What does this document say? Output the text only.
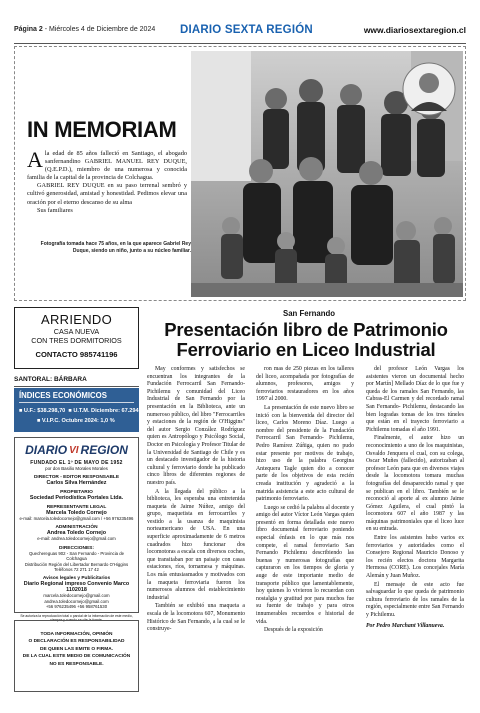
Página 2 - Miércoles 4 de Diciembre de 2024 DIARIO SEXTA REGIÓN	www.diariosextaregion.cl
IN MEMORIAM

Ala edad de 85 años falleció en Santiago, el abogado sanfernandino GABRIEL MANUEL REY DUQUE, (Q.E.P.D.), miembro de una numerosa y conocida familia de la capital de la provincia de Colchagua.

GABRIEL REY DUQUE en su paso terrenal sembró y cultivó generosidad, amistad y honestidad. Pedimos elevar una oración por el eterno descanso de su alma

Sus familiares

Fotografía tomada hace 75 años, en la que aparece Gabriel Rey Duque, siendo un niño, junto a su núcleo familiar.
ARRIENDO
CASA NUEVA
CON TRES DORMITORIOS
CONTACTO 985741196
SANTORAL: BÁRBARA
ÍNDICES ECONÓMICOS
■ U.F.: $38.298,70 ■ U.T.M. Diciembre: 67.294,00
■ V.I.P.C. Octubre 2024: 1,0 %
DIARIO VI REGION
FUNDADO EL 1º DE MAYO DE 1952
por don Basilio Morales Morales
DIRECTOR - EDITOR RESPONSABLE
Carlos Silva Hernández
PROPIETARIO
Sociedad Periodística Portales Ltda.
REPRESENTANTE LEGAL
Marcela Toledo Cornejo
e-mail: marcela.toledocornejo@gmail.com / +56 976235496
ADMINISTRACIÓN
Andrea Toledo Cornejo
e-mail: andrea.toledocornejo@gmail.com
DIRECCIONES:
Quechereguas 902 - San Fernando - Provincia de Colchagua
Distribución Región del Libertador Bernardo O'Higgins
Teléfonos 72 271 17 42
Avisos legales y Publicitarios
Diario Regional impreso Convenio Marco 1102018
marcela.toledocornejo@gmail.com andrea.toledocornejo@gmail.com
+56 976235496 +56 958761530
Se autoriza la reproducción total o parcial de la información de este medio, siempre y cuando se cite la fuente.
TODA INFORMACIÓN, OPINIÓN
O DECLARACIÓN ES RESPONSABILIDAD
DE QUIEN LAS EMITE O FIRMA.
DE LA CUAL ESTE MEDIO DE COMUNICACIÓN
NO ES RESPONSABLE.
San Fernando
Presentación libro de Patrimonio Ferroviario en Liceo Industrial

May conformes y satisfechos se encuentran los integrantes de la Fundación Ferrocarril San Fernando- Pichilemu y comunidad del Liceo Industrial de San Fernando por la presentación en la Biblioteca, ante un numeroso público, del libro "Ferrocarriles y estaciones de la región de O'Higgins" del autor Sergio Conzález Rodríguez quien es Antropólogo y Psicólogo Social, Doctor en Psicología y Profesor Titular de la Universidad de Santiago de Chile y es un destacado investigador de la historia cultural y ferroviario donde ha publicado cinco libros de diferentes regiones de nuestro país.

A la llegada del público a la biblioteca, les esperaba una entretenida maqueta de Jaime Núñez, amigo del grupo, maquetista en ferrocarriles y vestido a la usanza de maquinista norteamericano de USA. En una superficie aproximadamente de 6 metros cuadrados hizo funcionar dos locomotoras a escala con diversos coches, que transitaban por un paisaje con casas estaciones, ríos, tornamesa y máquinas. Los más entusiasmados y motivados con la maqueta ferroviaria fueron los numerosos alumnos del establecimiento industrial

También se exhibió una maqueta a escala de la locomotora 607, Monumento Histórico de San Fernando, a la cual se le construye-

ron mas de 250 piezas en los talleres del liceo, acompañada por fotografías de alumnos, profesores, amigos y ferroviarios restauradores en los años 1997 al 2000.

La presentación de este nuevo libro se inició con la bienvenida del director del liceo, Carlos Moreno Díaz. Luego a nombre del presidente de la Fundación Ferrocarril San Fernando- Pichilemu, Pedro Ramírez Zúñiga, quien no pudo estar presente por motivos de trabajo, hizo uso de la palabra Georgina Antequera Tagle quien dio a conocer parte de los objetivos de esta recién creada institución y agradeció a la matrida asistencia a este acto cultural de patrimonio ferroviario.

Luego se cedió la palabra al docente y amigo del autor Víctor León Vargas quien presentó en forma detallada este nuevo libro documental ferroviario poniendo especial énfasis en lo que más nos compete, el ramal ferroviario San Fernando Pichilemu describiendo las buenas y numerosas fotografías que capturaron en los tiempos de gloria y auge de este importante medio de transporte público que lamentablemente, hoy quienes lo vivieron lo recuerdan con nostalgia y gratitud por para muchos fue su fuente de trabajo y para otros innumerables recuerdos e historial de vida.

Después de la exposición

del profesor León Vargas los asistentes vieron un documental hecho por Martín] Mellado Díaz de lo que fue y queda de los ramales San Fernando, las Cabras-El Carmen y del recordado ramal San Fernando- Pichilemu, destacando las bien logradas tomas de los tres túneles que están en el trayecto ferroviario a Pichilemu tomadas el año 1991.

Finalmente, el autor hizo un reconocimiento a uno de los maquinistas, Osvaldo Jenquera el cual, con su colega, Oscar Muñes (fallecido), autorizaban al profesor León para que en diversos viajes desde la locomotora tomara muchas fotografías del desaparecido ramal y que se publican en el libro. También se le reconoció al aporte al ex alumno Jaime Gómez Aguilera, el cual pintó la locomotora 607 el año 1987 y las máquinas patrimoniales que el liceo luce en su entrada.

Entre los asistentes hubo varios ex ferroviarios y autoridades como el Consejero Regional Mauricio Donoso y los recién electos doctora Margarita Hermosa (CORE). Los concejales María Alemán y Juan Muñoz.

El mensaje de este acto fue salvaguardar lo que queda de patrimonio cultura ferroviario de los ramales de la región, especialmente entre San Fernando y Pichilemu.

Por Pedro Marchant Villanueva.
